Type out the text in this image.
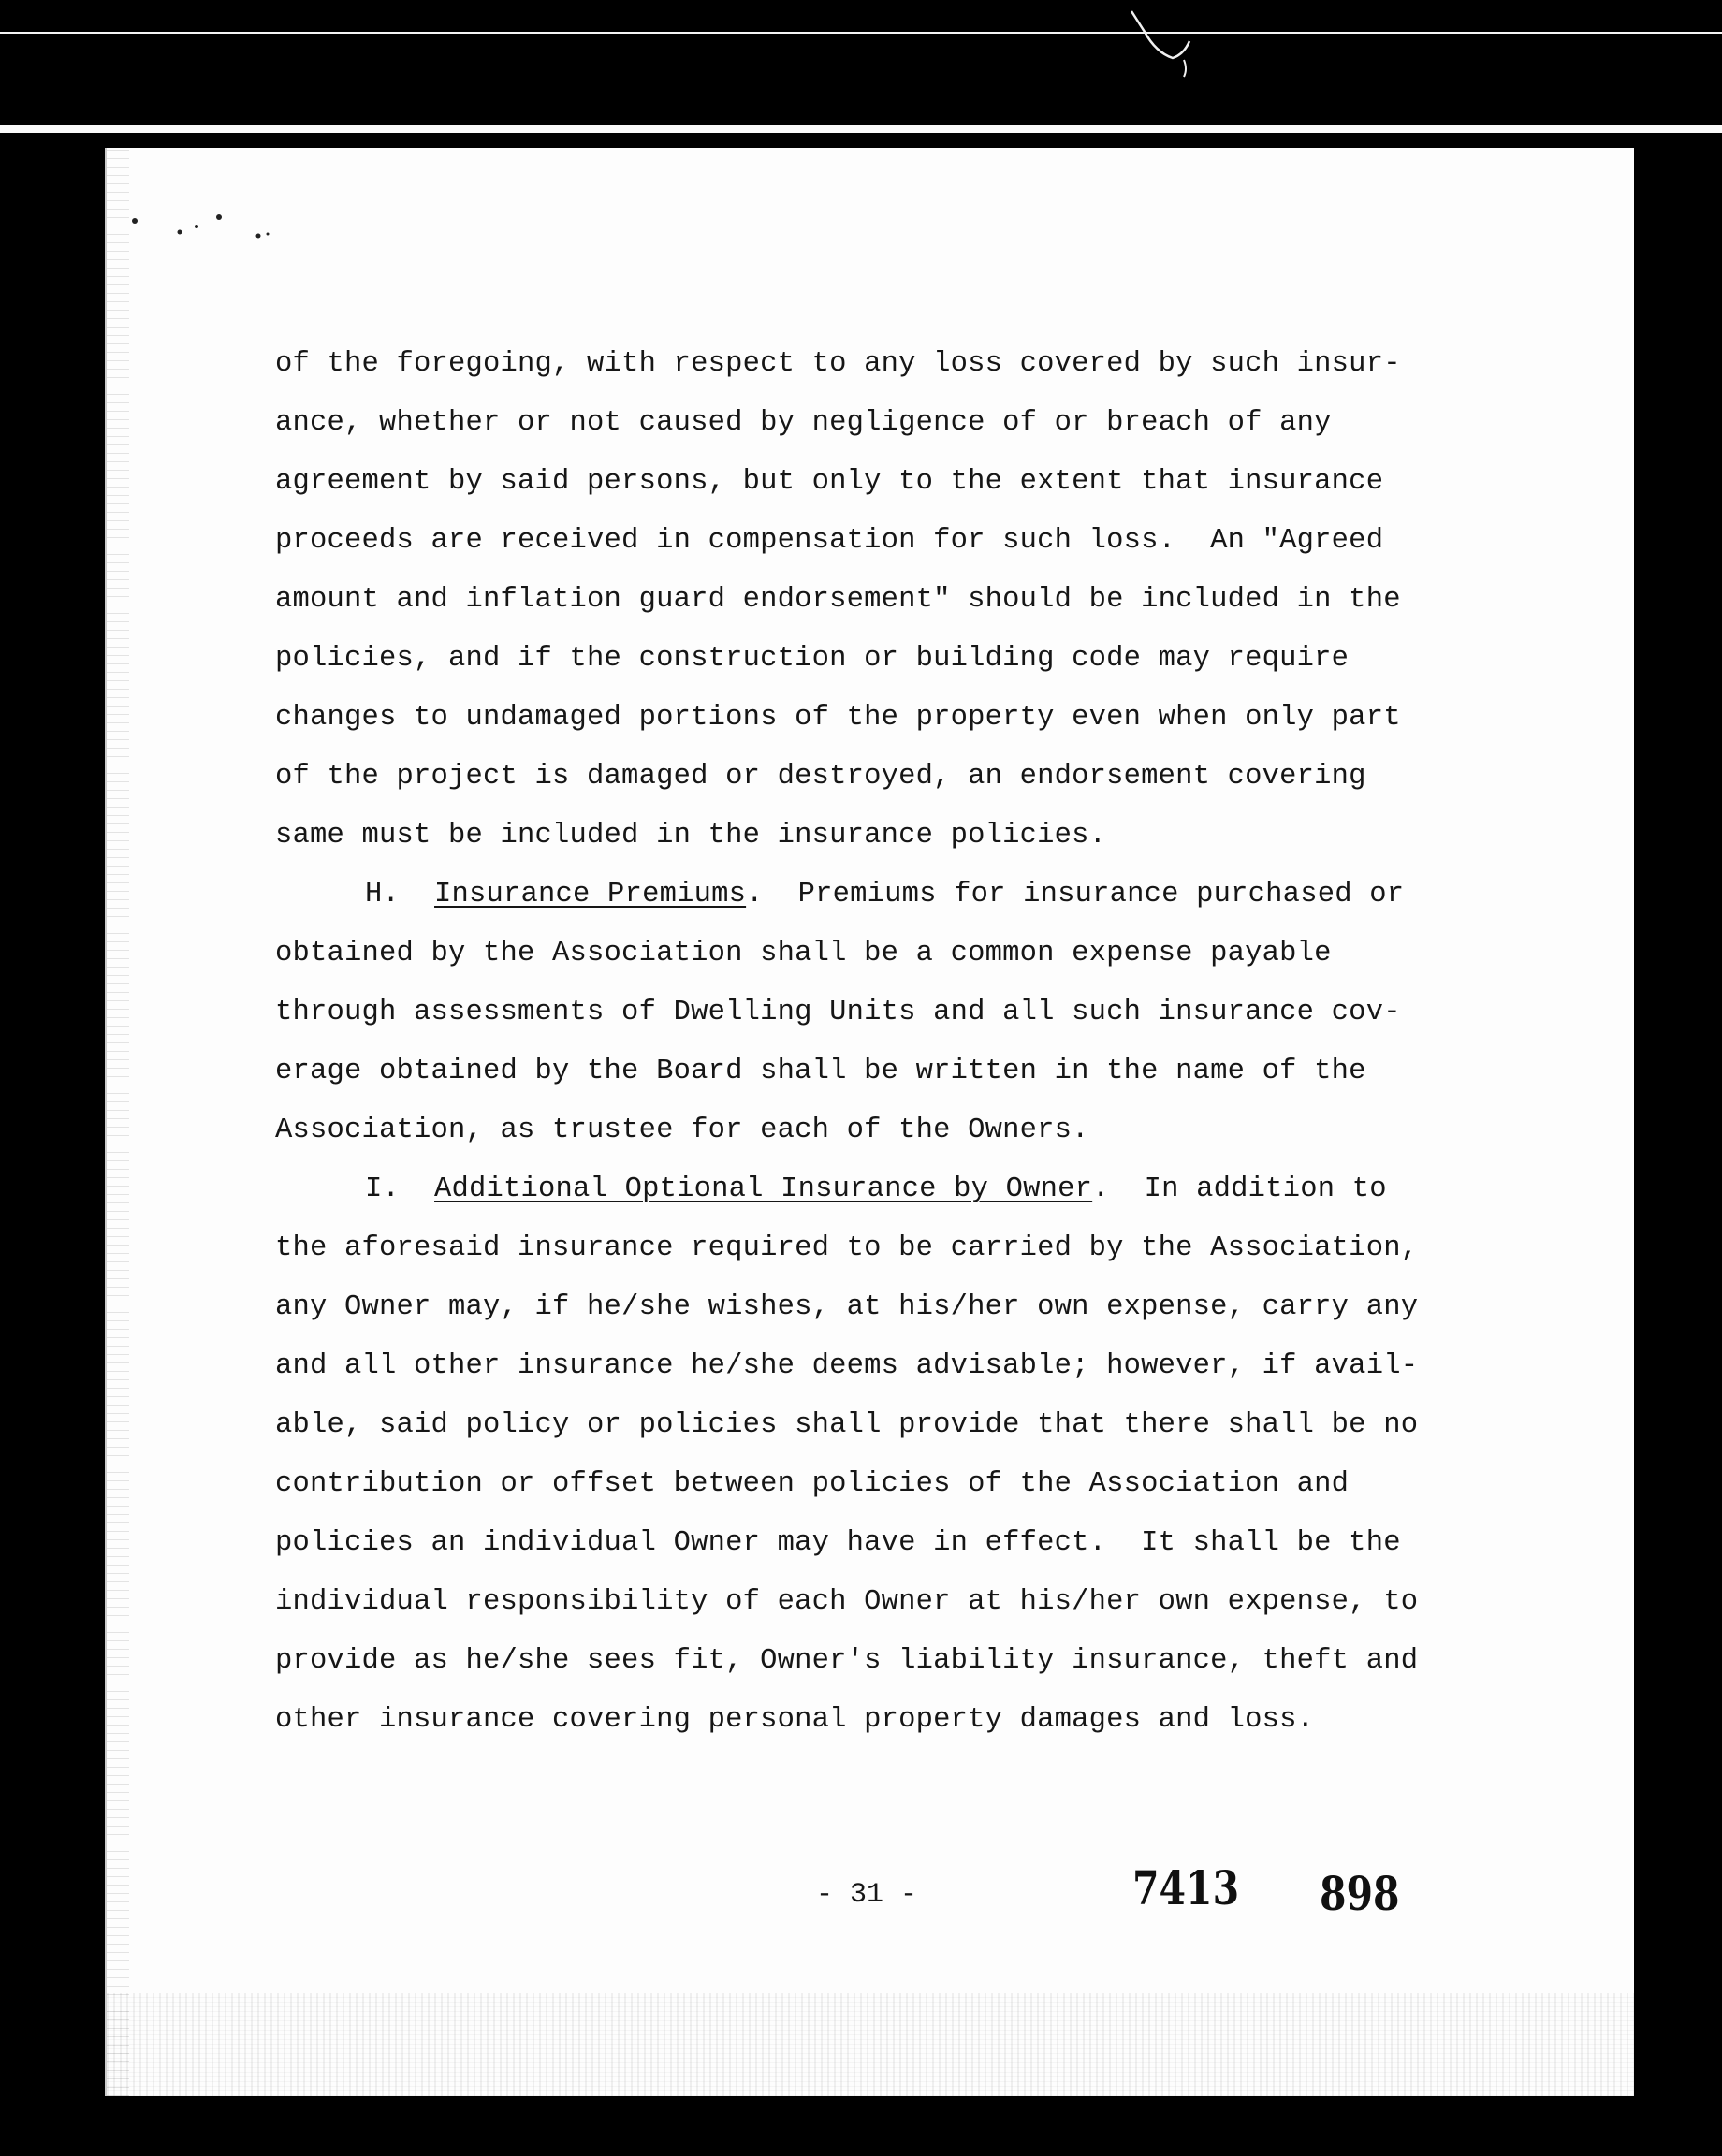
of the foregoing, with respect to any loss covered by such insur-
ance, whether or not caused by negligence of or breach of any
agreement by said persons, but only to the extent that insurance
proceeds are received in compensation for such loss.  An "Agreed
amount and inflation guard endorsement" should be included in the
policies, and if the construction or building code may require
changes to undamaged portions of the property even when only part
of the project is damaged or destroyed, an endorsement covering
same must be included in the insurance policies.
H. Insurance Premiums.  Premiums for insurance purchased or
obtained by the Association shall be a common expense payable
through assessments of Dwelling Units and all such insurance cov-
erage obtained by the Board shall be written in the name of the
Association, as trustee for each of the Owners.
I. Additional Optional Insurance by Owner.  In addition to
the aforesaid insurance required to be carried by the Association,
any Owner may, if he/she wishes, at his/her own expense, carry any
and all other insurance he/she deems advisable; however, if avail-
able, said policy or policies shall provide that there shall be no
contribution or offset between policies of the Association and
policies an individual Owner may have in effect.  It shall be the
individual responsibility of each Owner at his/her own expense, to
provide as he/she sees fit, Owner's liability insurance, theft and
other insurance covering personal property damages and loss.
- 31 -	7413 898
